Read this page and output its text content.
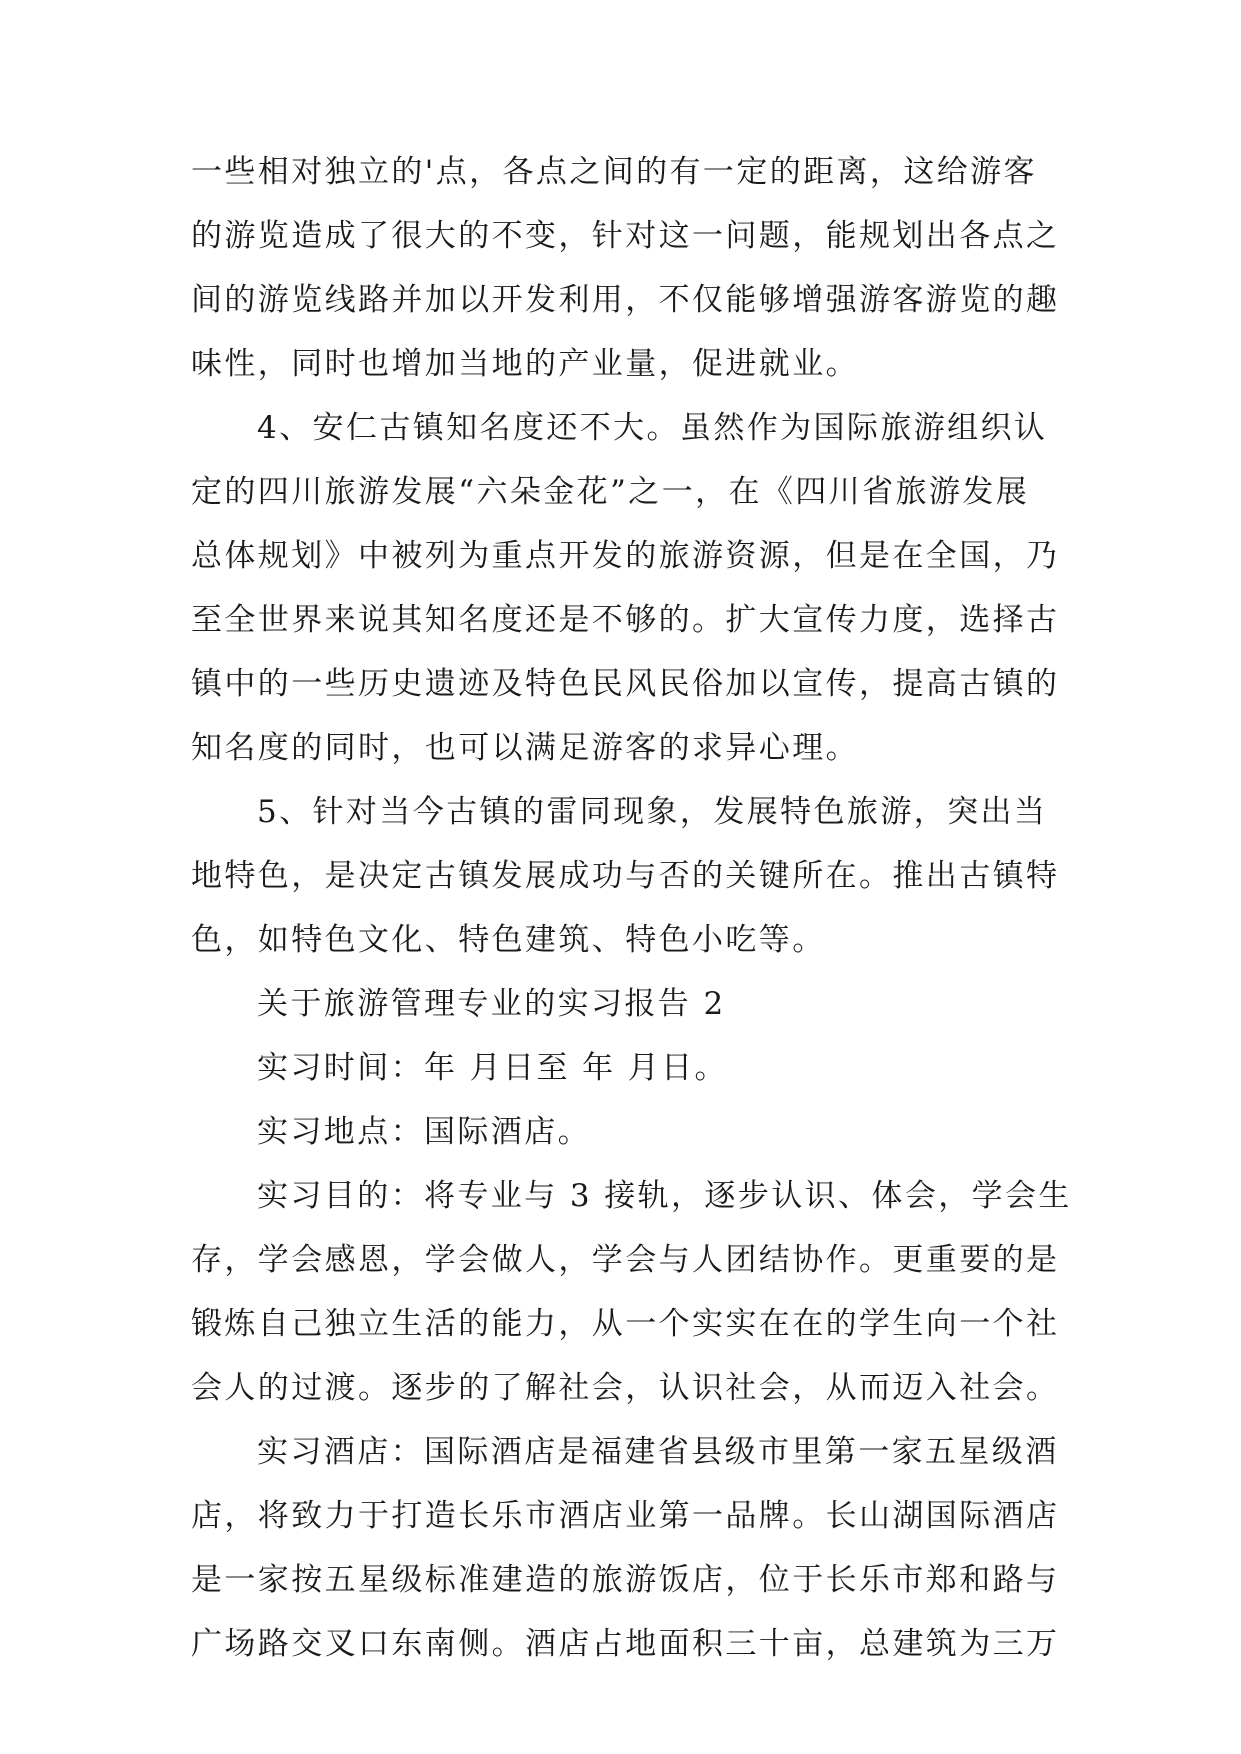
一些相对独立的'点，各点之间的有一定的距离，这给游客
的游览造成了很大的不变，针对这一问题，能规划出各点之
间的游览线路并加以开发利用，不仅能够增强游客游览的趣
味性，同时也增加当地的产业量，促进就业。
4、安仁古镇知名度还不大。虽然作为国际旅游组织认
定的四川旅游发展“六朵金花”之一，在《四川省旅游发展
总体规划》中被列为重点开发的旅游资源，但是在全国，乃
至全世界来说其知名度还是不够的。扩大宣传力度，选择古
镇中的一些历史遗迹及特色民风民俗加以宣传，提高古镇的
知名度的同时，也可以满足游客的求异心理。
5、针对当今古镇的雷同现象，发展特色旅游，突出当
地特色，是决定古镇发展成功与否的关键所在。推出古镇特
色，如特色文化、特色建筑、特色小吃等。
关于旅游管理专业的实习报告 2
实习时间：年 月日至 年 月日。
实习地点：国际酒店。
实习目的：将专业与 3 接轨，逐步认识、体会，学会生
存，学会感恩，学会做人，学会与人团结协作。更重要的是
锻炼自己独立生活的能力，从一个实实在在的学生向一个社
会人的过渡。逐步的了解社会，认识社会，从而迈入社会。
实习酒店：国际酒店是福建省县级市里第一家五星级酒
店，将致力于打造长乐市酒店业第一品牌。长山湖国际酒店
是一家按五星级标准建造的旅游饭店，位于长乐市郑和路与
广场路交叉口东南侧。酒店占地面积三十亩，总建筑为三万
